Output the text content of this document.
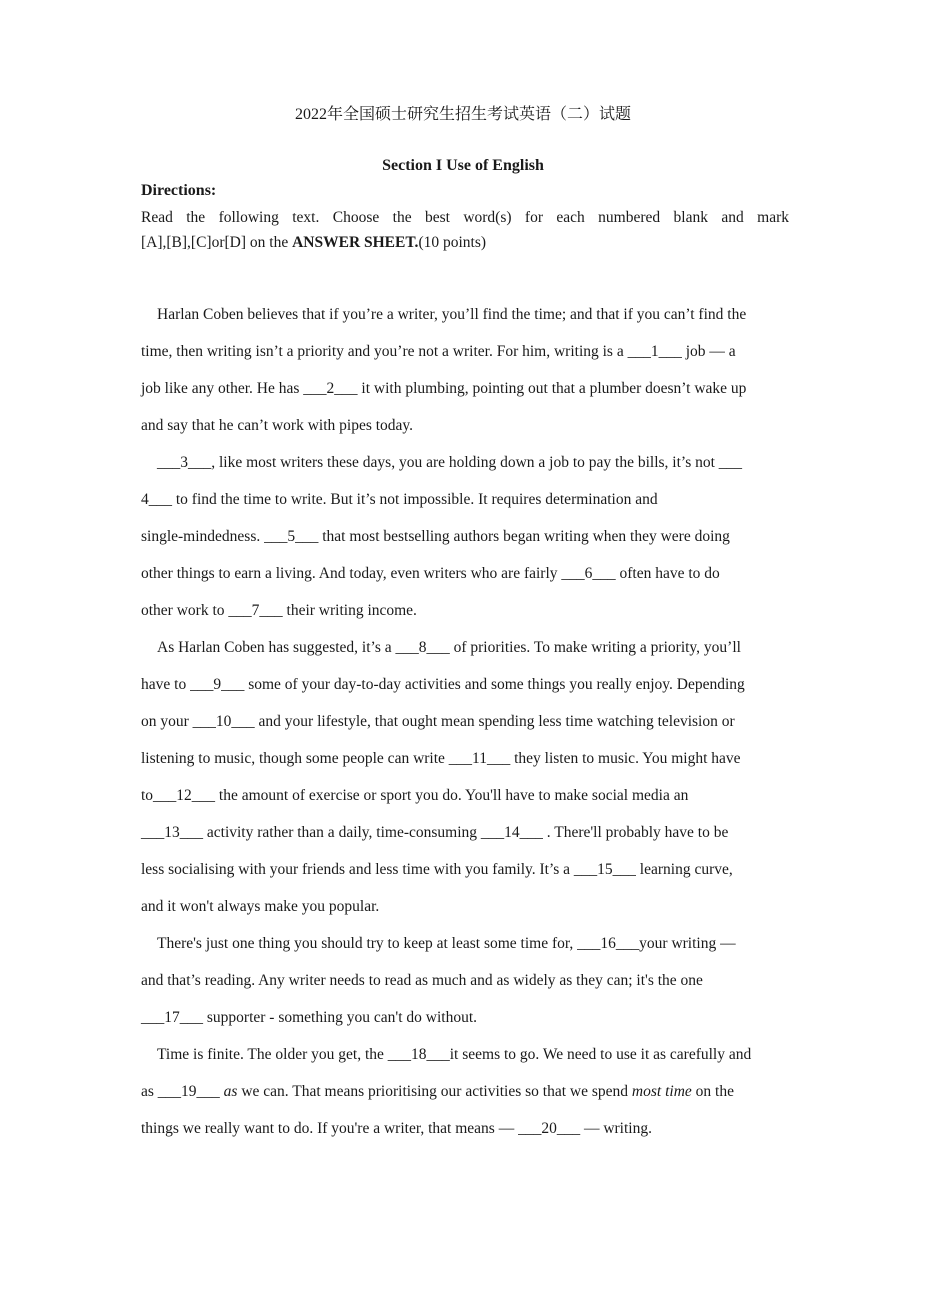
2022年全国硕士研究生招生考试英语（二）试题
Section I Use of English
Directions:
Read the following text. Choose the best word(s) for each numbered blank and mark
[A],[B],[C]or[D] on the ANSWER SHEET.(10 points)
Harlan Coben believes that if you’re a writer, you’ll find the time; and that if you can’t find the
time, then writing isn’t a priority and you’re not a writer. For him, writing is a ___1___ job — a
job like any other. He has ___2___ it with plumbing, pointing out that a plumber doesn’t wake up
and say that he can’t work with pipes today.
___3___, like most writers these days, you are holding down a job to pay the bills, it’s not ___
4___ to find the time to write. But it’s not impossible. It requires determination and
single-mindedness. ___5___ that most bestselling authors began writing when they were doing
other things to earn a living. And today, even writers who are fairly ___6___ often have to do
other work to ___7___ their writing income.
As Harlan Coben has suggested, it’s a ___8___ of priorities. To make writing a priority, you’ll
have to ___9___ some of your day-to-day activities and some things you really enjoy. Depending
on your ___10___ and your lifestyle, that ought mean spending less time watching television or
listening to music, though some people can write ___11___ they listen to music. You might have
to___12___ the amount of exercise or sport you do. You'll have to make social media an
___13___ activity rather than a daily, time-consuming ___14___ . There'll probably have to be
less socialising with your friends and less time with you family. It’s a ___15___ learning curve,
and it won't always make you popular.
There's just one thing you should try to keep at least some time for, ___16___your writing —
and that’s reading. Any writer needs to read as much and as widely as they can; it's the one
___17___ supporter - something you can't do without.
Time is finite. The older you get, the ___18___it seems to go. We need to use it as carefully and
as ___19___ as we can. That means prioritising our activities so that we spend most time on the
things we really want to do. If you're a writer, that means — ___20___ — writing.
